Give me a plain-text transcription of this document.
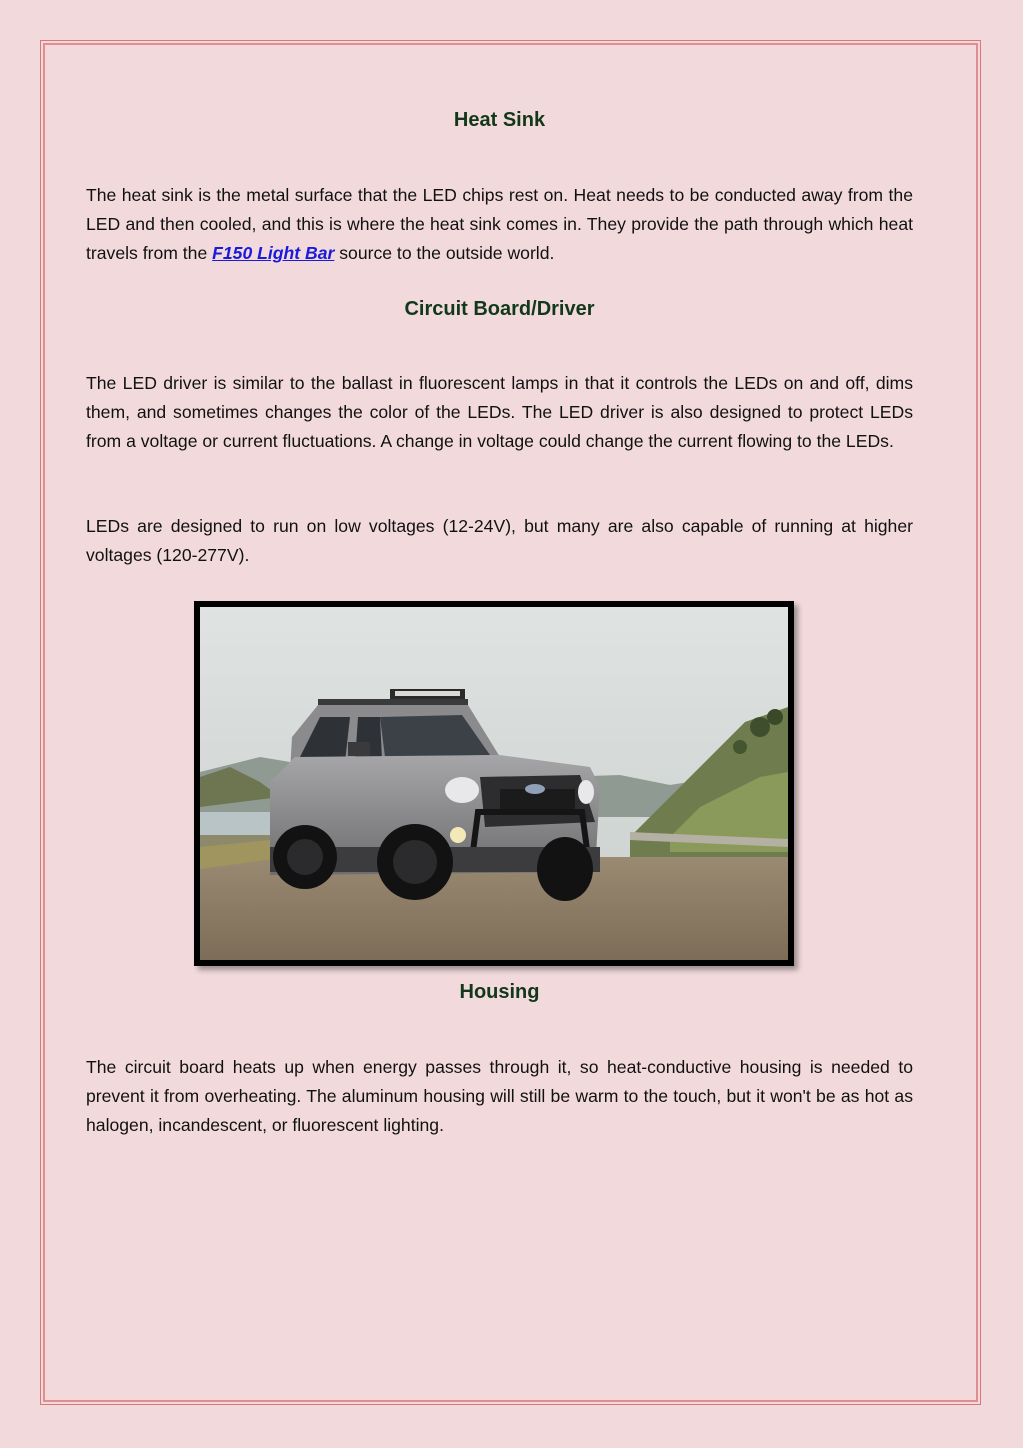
Heat Sink

The heat sink is the metal surface that the LED chips rest on. Heat needs to be conducted away from the LED and then cooled, and this is where the heat sink comes in. They provide the path through which heat travels from the F150 Light Bar source to the outside world.

Circuit Board/Driver

The LED driver is similar to the ballast in fluorescent lamps in that it controls the LEDs on and off, dims them, and sometimes changes the color of the LEDs. The LED driver is also designed to protect LEDs from a voltage or current fluctuations. A change in voltage could change the current flowing to the LEDs.

LEDs are designed to run on low voltages (12-24V), but many are also capable of running at higher voltages (120-277V).

Housing

The circuit board heats up when energy passes through it, so heat-conductive housing is needed to prevent it from overheating. The aluminum housing will still be warm to the touch, but it won't be as hot as halogen, incandescent, or fluorescent lighting.
